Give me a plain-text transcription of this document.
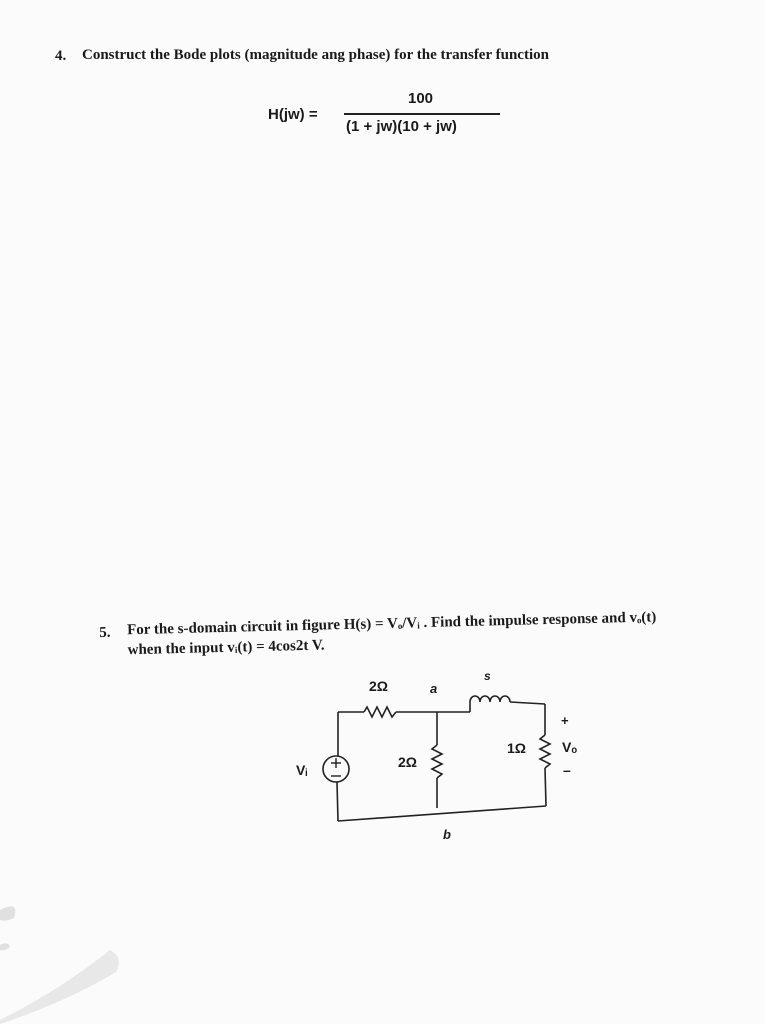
4. Construct the Bode plots (magnitude ang phase) for the transfer function
H(jw) =
100
(1 + jw)(10 + jw)
5. For the s-domain circuit in figure H(s) = Vₒ/Vᵢ . Find the impulse response and vₒ(t)
when the input vᵢ(t) = 4cos2t V.
2Ω	a
s
2Ω
1Ω
+
Vₒ
–
Vᵢ
b
